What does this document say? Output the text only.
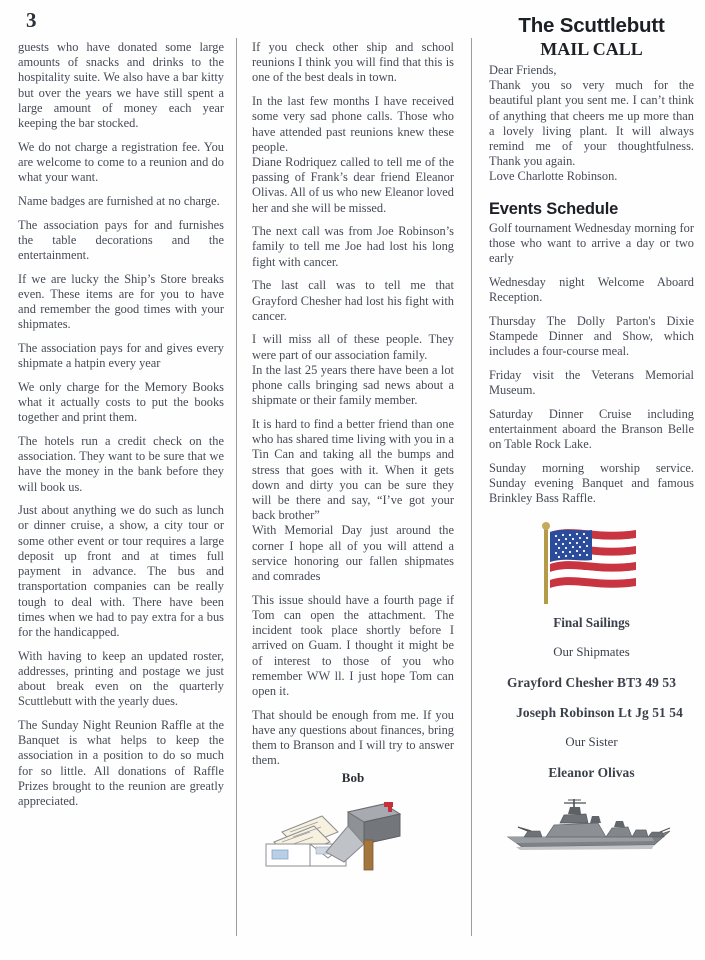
3

guests who have donated some large amounts of snacks and drinks to the hospitality suite. We also have a bar kitty but over the years we have still spent a large amount of money each year keeping the bar stocked.

We do not charge a registration fee. You are welcome to come to a reunion and do what your want.

Name badges are furnished at no charge.

The association pays for and furnishes the table decorations and the entertainment.

If we are lucky the Ship’s Store breaks even. These items are for you to have and remember the good times with your shipmates.

The association pays for and gives every shipmate a hatpin every year

We only charge for the Memory Books what it actually costs to put the books together and print them.

The hotels run a credit check on the association. They want to be sure that we have the money in the bank before they will book us.

Just about anything we do such as lunch or dinner cruise, a show, a city tour or some other event or tour requires a large deposit up front and at times full payment in advance. The bus and transportation companies can be really tough to deal with. There have been times when we had to pay extra for a bus for the handicapped.

With having to keep an updated roster, addresses, printing and postage we just about break even on the quarterly Scuttlebutt with the yearly dues.

The Sunday Night Reunion Raffle at the Banquet is what helps to keep the association in a position to do so much for so little. All donations of Raffle Prizes brought to the reunion are greatly appreciated.

If you check other ship and school reunions I think you will find that this is one of the best deals in town.

In the last few months I have received some very sad phone calls. Those who have attended past reunions knew these people.

Diane Rodriquez called to tell me of the passing of Frank’s dear friend Eleanor Olivas. All of us who new Eleanor loved her and she will be missed.

The next call was from Joe Robinson’s family to tell me Joe had lost his long fight with cancer.

The last call was to tell me that Grayford Chesher had lost his fight with cancer.

I will miss all of these people. They were part of our association family.

In the last 25 years there have been a lot phone calls bringing sad news about a shipmate or their family member.

It is hard to find a better friend than one who has shared time living with you in a Tin Can and taking all the bumps and stress that goes with it. When it gets down and dirty you can be sure they will be there and say, “I’ve got your back brother”

With Memorial Day just around the corner I hope all of you will attend a service honoring our fallen shipmates and comrades

This issue should have a fourth page if Tom can open the attachment. The incident took place shortly before I arrived on Guam. I thought it might be of interest to those of you who remember WW ll. I just hope Tom can open it.

That should be enough from me. If you have any questions about finances, bring them to Branson and I will try to answer them.

Bob
The Scuttlebutt
MAIL CALL

Dear Friends,

Thank you so very much for the beautiful plant you sent me. I can’t think of anything that cheers me up more than a lovely living plant. It will always remind me of your thoughtfulness. Thank you again.

Love Charlotte Robinson.

Events Schedule

Golf tournament Wednesday morning for those who want to arrive a day or two early

Wednesday night Welcome Aboard Reception.

Thursday The Dolly Parton's Dixie Stampede Dinner and Show, which includes a four-course meal.

Friday visit the Veterans Memorial Museum.

Saturday Dinner Cruise including entertainment aboard the Branson Belle on Table Rock Lake.

Sunday morning worship service. Sunday evening Banquet and famous Brinkley Bass Raffle.

Final Sailings
Our Shipmates
Grayford Chesher BT3 49 53
Joseph Robinson Lt Jg 51 54
Our Sister
Eleanor Olivas
